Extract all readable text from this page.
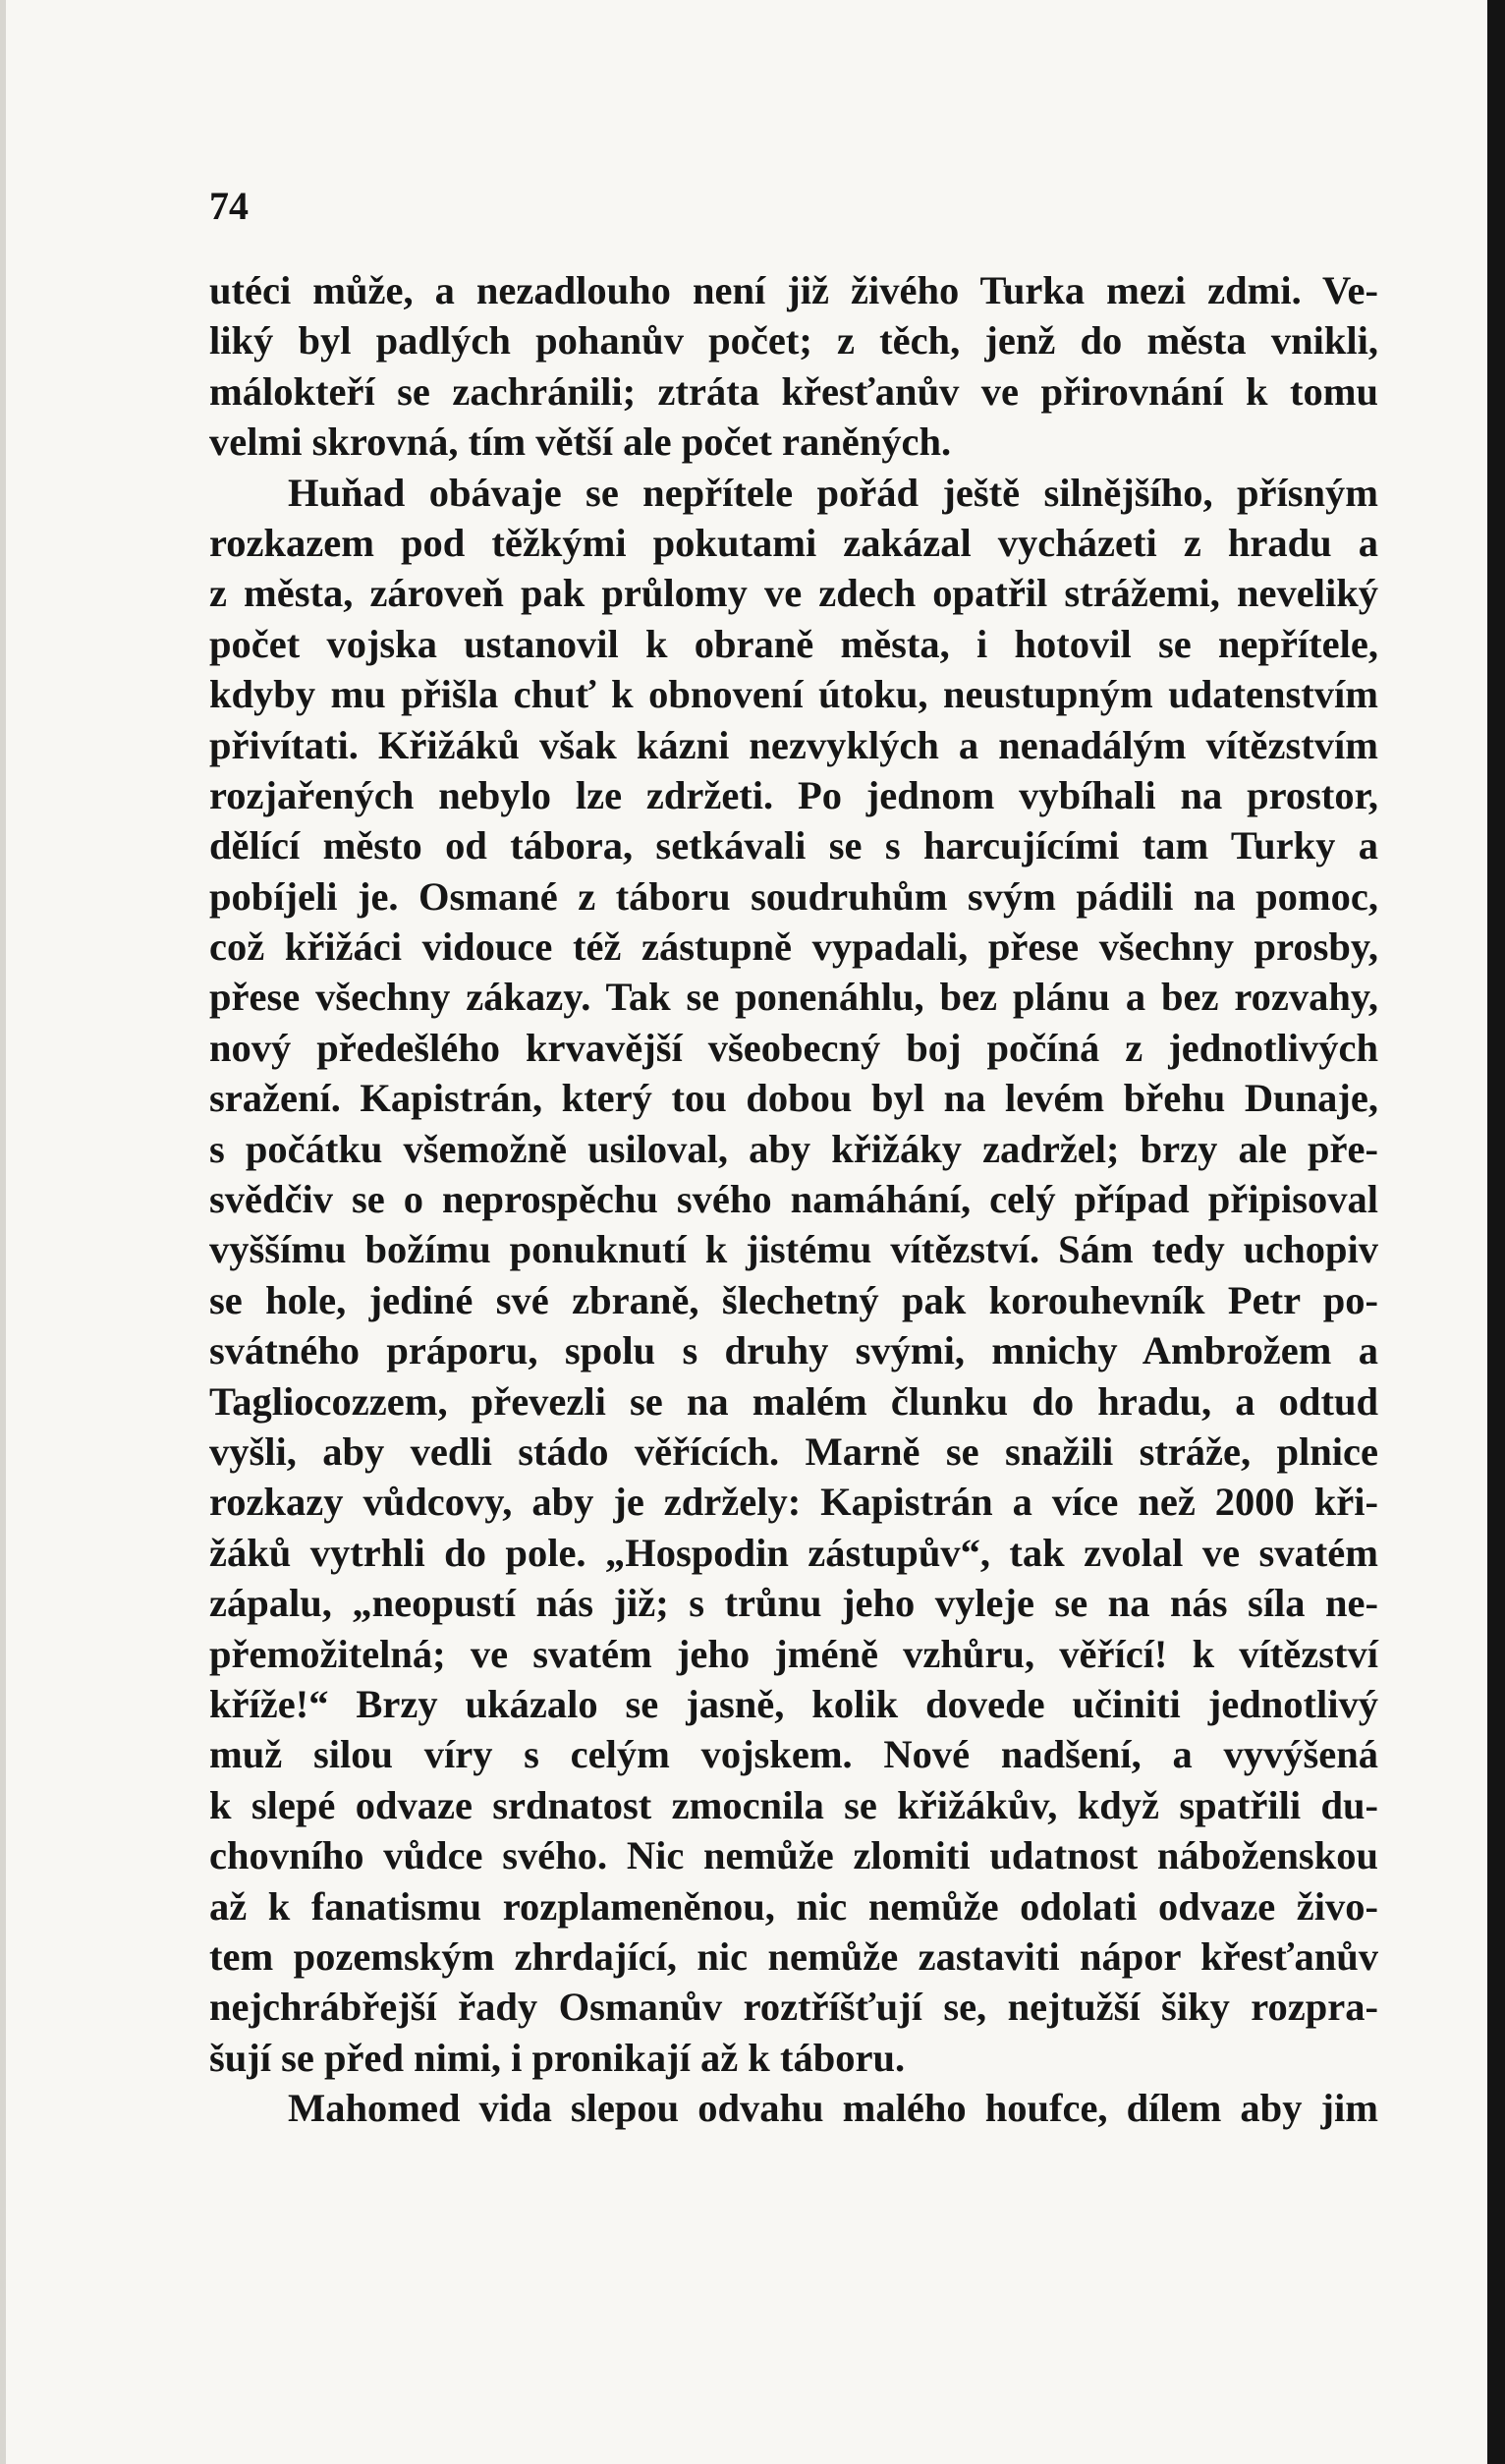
74

utéci může, a nezadlouho není již živého Turka mezi zdmi. Ve-
liký byl padlých pohanův počet; z těch, jenž do města vnikli,
málokteří se zachránili; ztráta křesťanův ve přirovnání k tomu
velmi skrovná, tím větší ale počet raněných.
Huňad obávaje se nepřítele pořád ještě silnějšího, přísným
rozkazem pod těžkými pokutami zakázal vycházeti z hradu a
z města, zároveň pak průlomy ve zdech opatřil strážemi, neveliký
počet vojska ustanovil k obraně města, i hotovil se nepřítele,
kdyby mu přišla chuť k obnovení útoku, neustupným udatenstvím
přivítati. Křižáků však kázni nezvyklých a nenadálým vítězstvím
rozjařených nebylo lze zdržeti. Po jednom vybíhali na prostor,
dělící město od tábora, setkávali se s harcujícími tam Turky a
pobíjeli je. Osmané z táboru soudruhům svým pádili na pomoc,
což křižáci vidouce též zástupně vypadali, přese všechny prosby,
přese všechny zákazy. Tak se ponenáhlu, bez plánu a bez rozvahy,
nový předešlého krvavější všeobecný boj počíná z jednotlivých
sražení. Kapistrán, který tou dobou byl na levém břehu Dunaje,
s počátku všemožně usiloval, aby křižáky zadržel; brzy ale pře-
svědčiv se o neprospěchu svého namáhání, celý případ připisoval
vyššímu božímu ponuknutí k jistému vítězství. Sám tedy uchopiv
se hole, jediné své zbraně, šlechetný pak korouhevník Petr po-
svátného práporu, spolu s druhy svými, mnichy Ambrožem a
Tagliocozzem, převezli se na malém člunku do hradu, a odtud
vyšli, aby vedli stádo věřících. Marně se snažili stráže, plnice
rozkazy vůdcovy, aby je zdržely: Kapistrán a více než 2000 kři-
žáků vytrhli do pole. „Hospodin zástupův“, tak zvolal ve svatém
zápalu, „neopustí nás již; s trůnu jeho vyleje se na nás síla ne-
přemožitelná; ve svatém jeho jméně vzhůru, věřící! k vítězství
kříže!“ Brzy ukázalo se jasně, kolik dovede učiniti jednotlivý
muž silou víry s celým vojskem. Nové nadšení, a vyvýšená
k slepé odvaze srdnatost zmocnila se křižákův, když spatřili du-
chovního vůdce svého. Nic nemůže zlomiti udatnost náboženskou
až k fanatismu rozplameněnou, nic nemůže odolati odvaze živo-
tem pozemským zhrdající, nic nemůže zastaviti nápor křesťanův
nejchrábřejší řady Osmanův roztříšťují se, nejtužší šiky rozpra-
šují se před nimi, i pronikají až k táboru.
Mahomed vida slepou odvahu malého houfce, dílem aby jim
